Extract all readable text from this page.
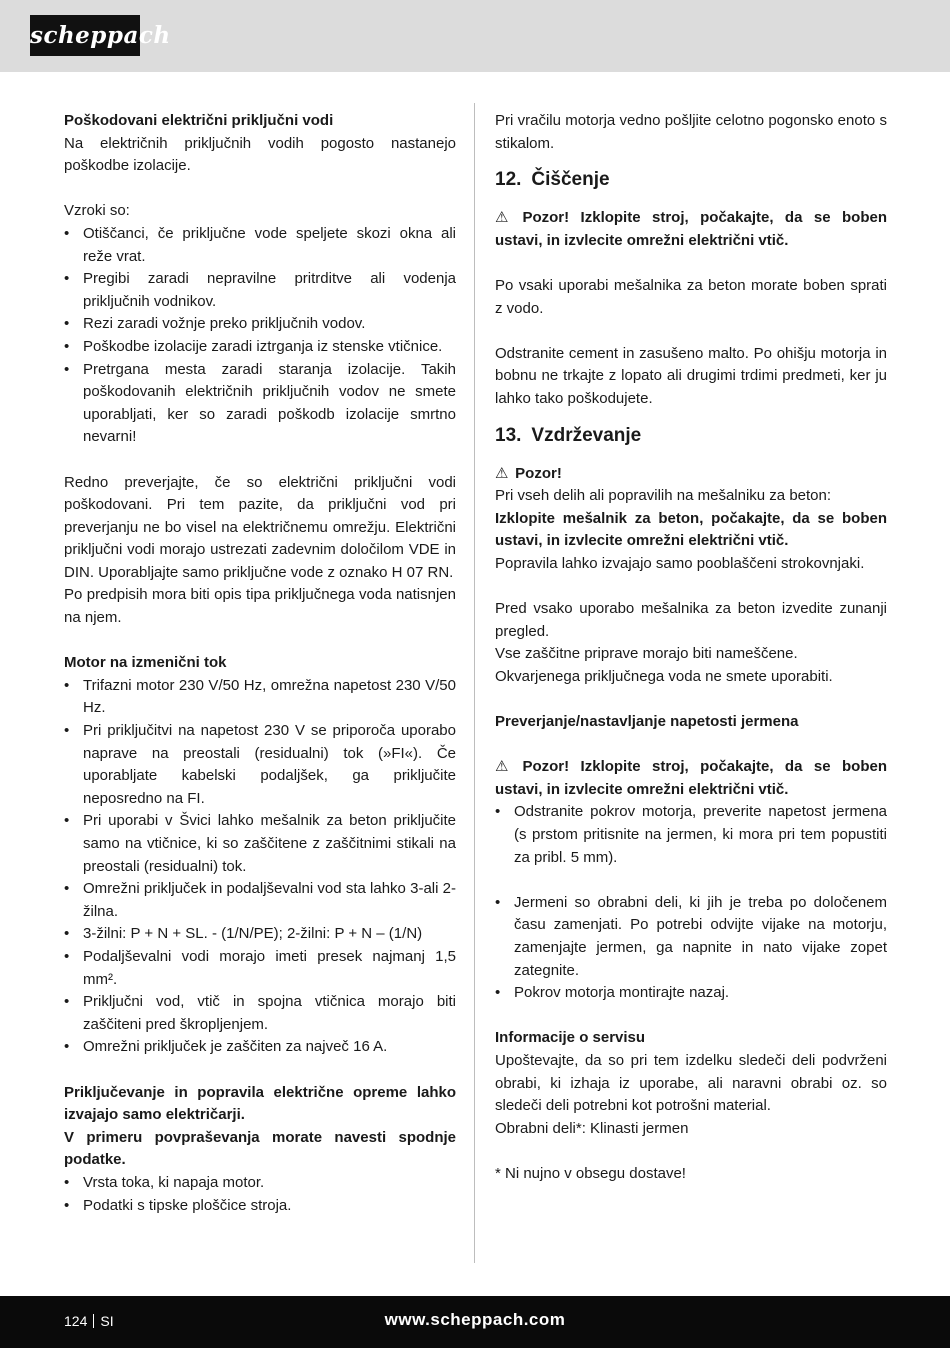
scheppach

Poškodovani električni priključni vodi

Na električnih priključnih vodih pogosto nastanejo poškodbe izolacije.

Vzroki so:

• Otiščanci, če priključne vode speljete skozi okna ali reže vrat.
• Pregibi zaradi nepravilne pritrditve ali vodenja priključnih vodnikov.
• Rezi zaradi vožnje preko priključnih vodov.
• Poškodbe izolacije zaradi iztrganja iz stenske vtičnice.
• Pretrgana mesta zaradi staranja izolacije. Takih poškodovanih električnih priključnih vodov ne smete uporabljati, ker so zaradi poškodb izolacije smrtno nevarni!

Redno preverjajte, če so električni priključni vodi poškodovani. Pri tem pazite, da priključni vod pri preverjanju ne bo visel na električnemu omrežju. Električni priključni vodi morajo ustrezati zadevnim določilom VDE in DIN. Uporabljajte samo priključne vode z oznako H 07 RN.

Po predpisih mora biti opis tipa priključnega voda natisnjen na njem.

Motor na izmenični tok

• Trifazni motor 230 V/50 Hz, omrežna napetost 230 V/50 Hz.
• Pri priključitvi na napetost 230 V se priporoča uporabo naprave na preostali (residualni) tok (»FI«). Če uporabljate kabelski podaljšek, ga priključite neposredno na FI.
• Pri uporabi v Švici lahko mešalnik za beton priključite samo na vtičnice, ki so zaščitene z zaščitnimi stikali na preostali (residualni) tok.
• Omrežni priključek in podaljševalni vod sta lahko 3-ali 2-žilna.
• 3-žilni: P + N + SL. - (1/N/PE); 2-žilni: P + N – (1/N)
• Podaljševalni vodi morajo imeti presek najmanj 1,5 mm².
• Priključni vod, vtič in spojna vtičnica morajo biti zaščiteni pred škropljenjem.
• Omrežni priključek je zaščiten za največ 16 A.

Priključevanje in popravila električne opreme lahko izvajajo samo električarji.

V primeru povpraševanja morate navesti spodnje podatke.

• Vrsta toka, ki napaja motor.
• Podatki s tipske ploščice stroja.

Pri vračilu motorja vedno pošljite celotno pogonsko enoto s stikalom.

12. Čiščenje

⚠ Pozor! Izklopite stroj, počakajte, da se boben ustavi, in izvlecite omrežni električni vtič.

Po vsaki uporabi mešalnika za beton morate boben sprati z vodo.

Odstranite cement in zasušeno malto. Po ohišju motorja in bobnu ne trkajte z lopato ali drugimi trdimi predmeti, ker ju lahko tako poškodujete.

13. Vzdrževanje

⚠ Pozor!

Pri vseh delih ali popravilih na mešalniku za beton:

Izklopite mešalnik za beton, počakajte, da se boben ustavi, in izvlecite omrežni električni vtič.

Popravila lahko izvajajo samo pooblaščeni strokovnjaki.

Pred vsako uporabo mešalnika za beton izvedite zunanji pregled.

Vse zaščitne priprave morajo biti nameščene.

Okvarjenega priključnega voda ne smete uporabiti.

Preverjanje/nastavljanje napetosti jermena

⚠ Pozor! Izklopite stroj, počakajte, da se boben ustavi, in izvlecite omrežni električni vtič.

• Odstranite pokrov motorja, preverite napetost jermena (s prstom pritisnite na jermen, ki mora pri tem popustiti za pribl. 5 mm).
• Jermeni so obrabni deli, ki jih je treba po določenem času zamenjati. Po potrebi odvijte vijake na motorju, zamenjajte jermen, ga napnite in nato vijake zopet zategnite.
• Pokrov motorja montirajte nazaj.

Informacije o servisu

Upoštevajte, da so pri tem izdelku sledeči deli podvrženi obrabi, ki izhaja iz uporabe, ali naravni obrabi oz. so sledeči deli potrebni kot potrošni material.

Obrabni deli*: Klinasti jermen

* Ni nujno v obsegu dostave!

124 SI	www.scheppach.com
